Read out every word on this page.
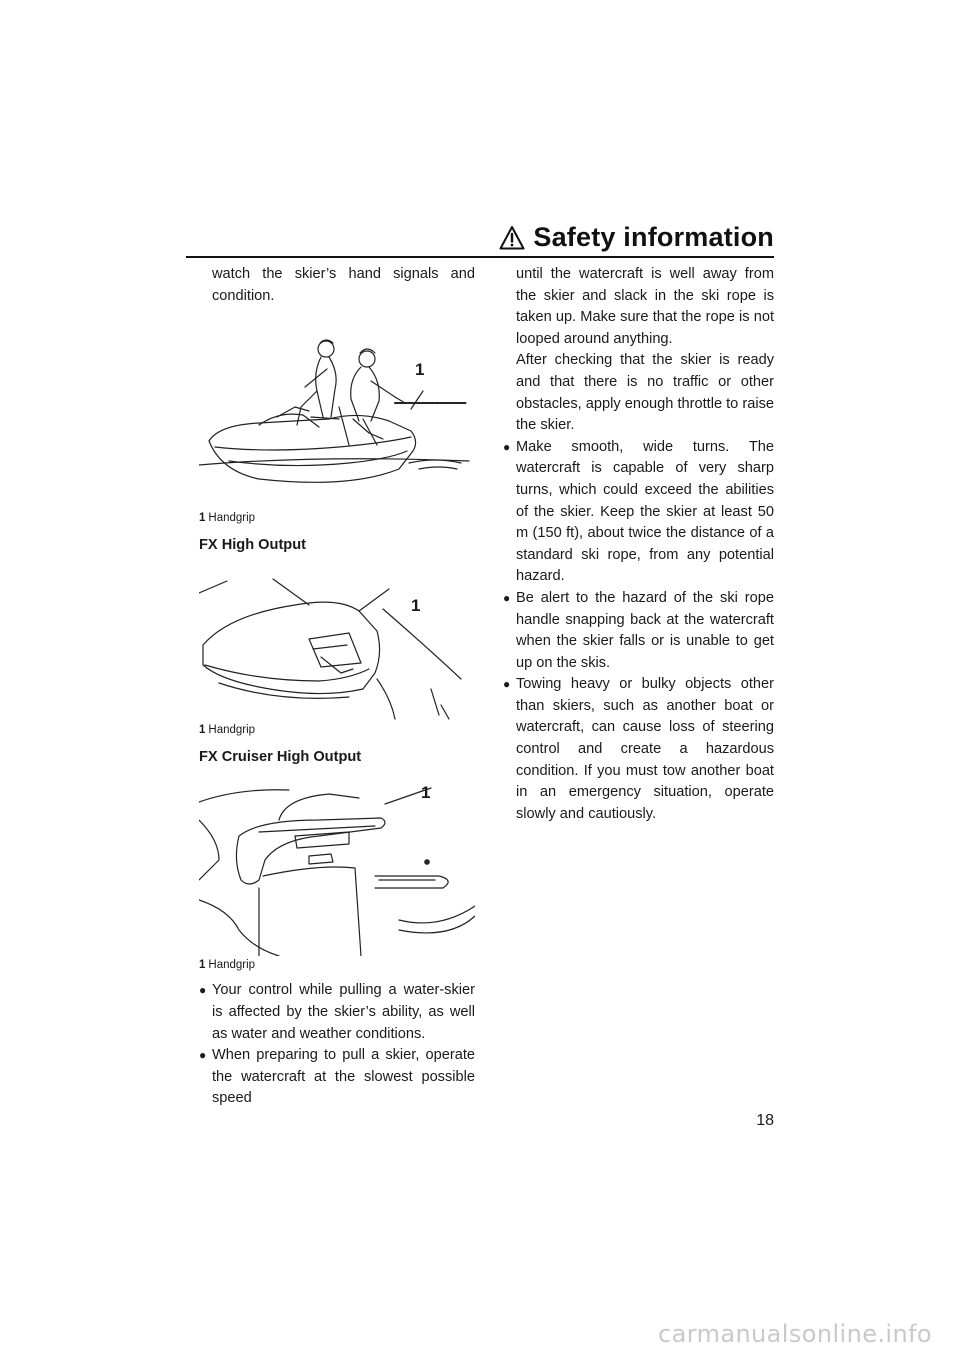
Safety information

watch the skier’s hand signals and condition.

1

1 Handgrip

FX High Output

1

1 Handgrip

FX Cruiser High Output

1

1 Handgrip

● Your control while pulling a water-skier is affected by the skier’s ability, as well as water and weather conditions.

● When preparing to pull a skier, operate the watercraft at the slowest possible speed

until the watercraft is well away from the skier and slack in the ski rope is taken up. Make sure that the rope is not looped around anything.

After checking that the skier is ready and that there is no traffic or other obstacles, apply enough throttle to raise the skier.

● Make smooth, wide turns. The watercraft is capable of very sharp turns, which could exceed the abilities of the skier. Keep the skier at least 50 m (150 ft), about twice the distance of a standard ski rope, from any potential hazard.

● Be alert to the hazard of the ski rope handle snapping back at the watercraft when the skier falls or is unable to get up on the skis.

● Towing heavy or bulky objects other than skiers, such as another boat or watercraft, can cause loss of steering control and create a hazardous condition. If you must tow another boat in an emergency situation, operate slowly and cautiously.

18
carmanualsonline.info
